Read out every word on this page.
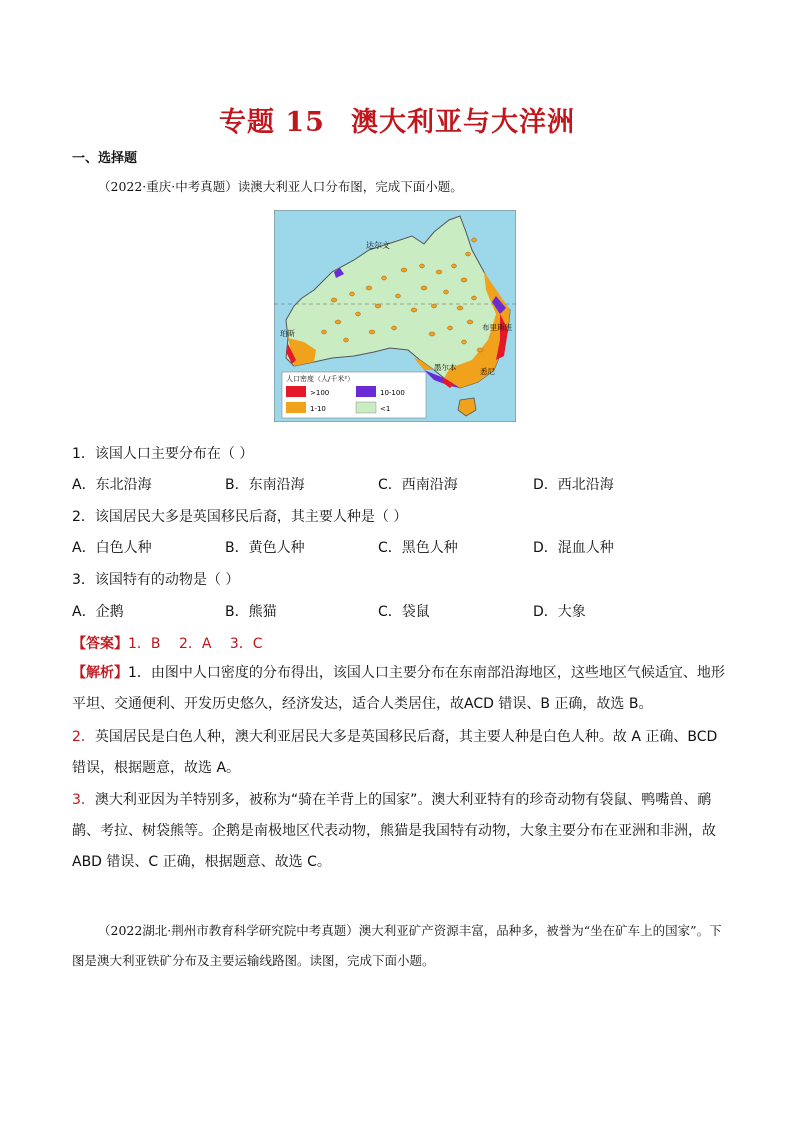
专题 15 澳大利亚与大洋洲
一、选择题
（2022·重庆·中考真题）读澳大利亚人口分布图，完成下面小题。
达尔文
布里斯班
珀斯
墨尔本	悉尼
人口密度（人/千米²）
>100	10-100
1-10	<1
1．该国人口主要分布在（ ）
A．东北沿海	B．东南沿海	C．西南沿海	D．西北沿海
2．该国居民大多是英国移民后裔，其主要人种是（ ）
A．白色人种	B．黄色人种	C．黑色人种	D．混血人种
3．该国特有的动物是（ ）
A．企鹅	B．熊猫	C．袋鼠	D．大象
【答案】1．B　 2．A　 3．C
【解析】1．由图中人口密度的分布得出，该国人口主要分布在东南部沿海地区，这些地区气候适宜、地形平坦、交通便利、开发历史悠久，经济发达，适合人类居住，故ACD 错误、B 正确，故选 B。
2．英国居民是白色人种，澳大利亚居民大多是英国移民后裔，其主要人种是白色人种。故 A 正确、BCD 错误，根据题意，故选 A。
3．澳大利亚因为羊特别多，被称为“骑在羊背上的国家”。澳大利亚特有的珍奇动物有袋鼠、鸭嘴兽、鸸鹋、考拉、树袋熊等。企鹅是南极地区代表动物，熊猫是我国特有动物，大象主要分布在亚洲和非洲，故 ABD 错误、C 正确，根据题意、故选 C。
（2022湖北·荆州市教育科学研究院中考真题）澳大利亚矿产资源丰富，品种多，被誉为“坐在矿车上的国家”。下图是澳大利亚铁矿分布及主要运输线路图。读图，完成下面小题。
